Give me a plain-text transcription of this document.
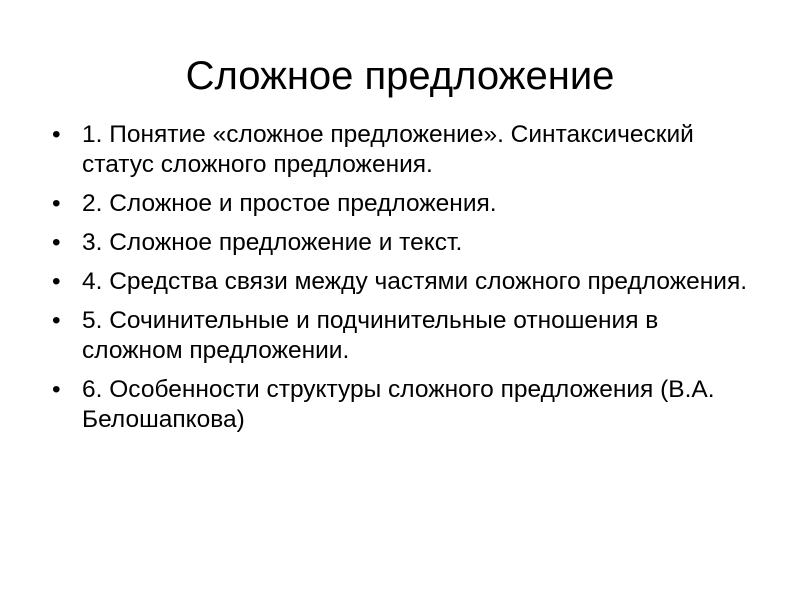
Сложное предложение
• 1. Понятие «сложное предложение». Синтаксический статус сложного предложения.
• 2. Сложное и простое предложения.
• 3. Сложное предложение и текст.
• 4. Средства связи между частями сложного предложения.
• 5. Сочинительные и подчинительные отношения в сложном предложении.
• 6. Особенности структуры сложного предложения (В.А. Белошапкова)
